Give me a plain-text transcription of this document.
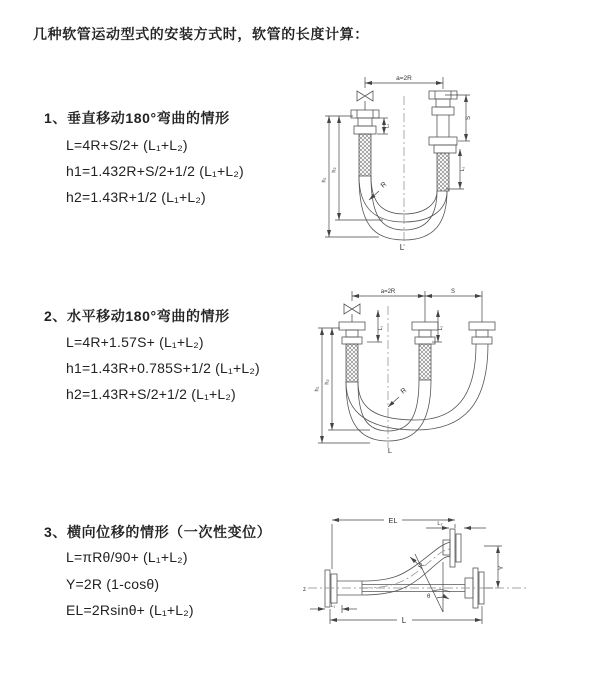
几种软管运动型式的安装方式时，软管的长度计算：
1、垂直移动180°弯曲的情形
L=4R+S/2+ (L₁+L₂)
h1=1.432R+S/2+1/2 (L₁+L₂)
h2=1.43R+1/2 (L₁+L₂)
2、水平移动180°弯曲的情形
L=4R+1.57S+ (L₁+L₂)
h1=1.43R+0.785S+1/2 (L₁+L₂)
h2=1.43R+S/2+1/2 (L₁+L₂)
3、横向位移的情形（一次性变位）
L=πRθ/90+ (L₁+L₂)
Y=2R (1-cosθ)
EL=2Rsinθ+ (L₁+L₂)
a=2R
h₁
h₂
L₁
S
L₂
R
L
a=2R	S
L₁	L₂
h₁
h₂
R
L
EL	L₂
θ
R	Y
L
L₁
z
